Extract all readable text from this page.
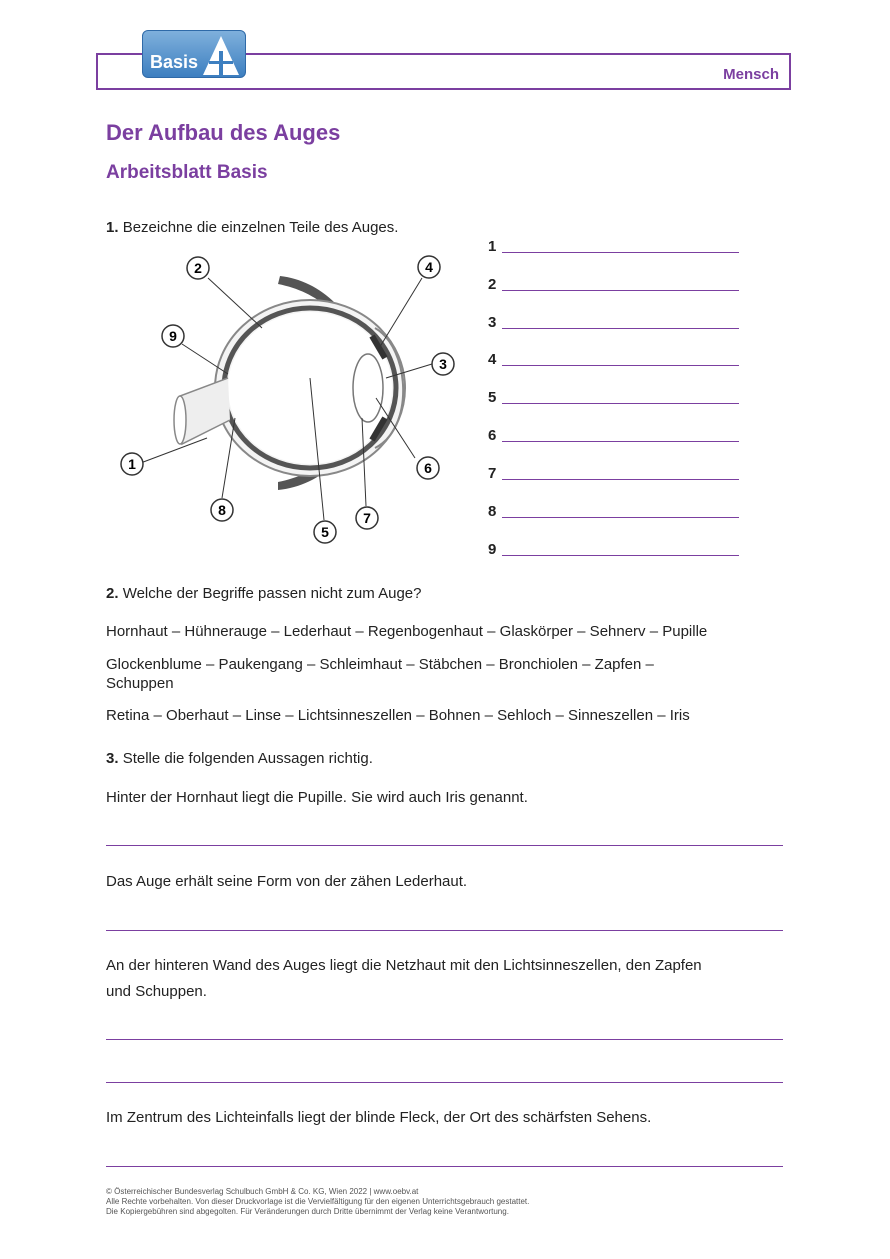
Mensch
Basis
Der Aufbau des Auges
Arbeitsblatt Basis
1. Bezeichne die einzelnen Teile des Auges.
1
2
3
4
5
6
7
8
9
1
2
3
4
5
6
7
8
9
2. Welche der Begriffe passen nicht zum Auge?
Hornhaut – Hühnerauge – Lederhaut – Regenbogenhaut – Glaskörper – Sehnerv – Pupille
Glockenblume – Paukengang – Schleimhaut – Stäbchen – Bronchiolen – Zapfen –
Schuppen
Retina – Oberhaut – Linse – Lichtsinneszellen – Bohnen – Sehloch – Sinneszellen – Iris
3. Stelle die folgenden Aussagen richtig.
Hinter der Hornhaut liegt die Pupille. Sie wird auch Iris genannt.
Das Auge erhält seine Form von der zähen Lederhaut.
An der hinteren Wand des Auges liegt die Netzhaut mit den Lichtsinneszellen, den Zapfen
und Schuppen.
Im Zentrum des Lichteinfalls liegt der blinde Fleck, der Ort des schärfsten Sehens.
© Österreichischer Bundesverlag Schulbuch GmbH & Co. KG, Wien 2022 | www.oebv.at
Alle Rechte vorbehalten. Von dieser Druckvorlage ist die Vervielfältigung für den eigenen Unterrichtsgebrauch gestattet.
Die Kopiergebühren sind abgegolten. Für Veränderungen durch Dritte übernimmt der Verlag keine Verantwortung.
